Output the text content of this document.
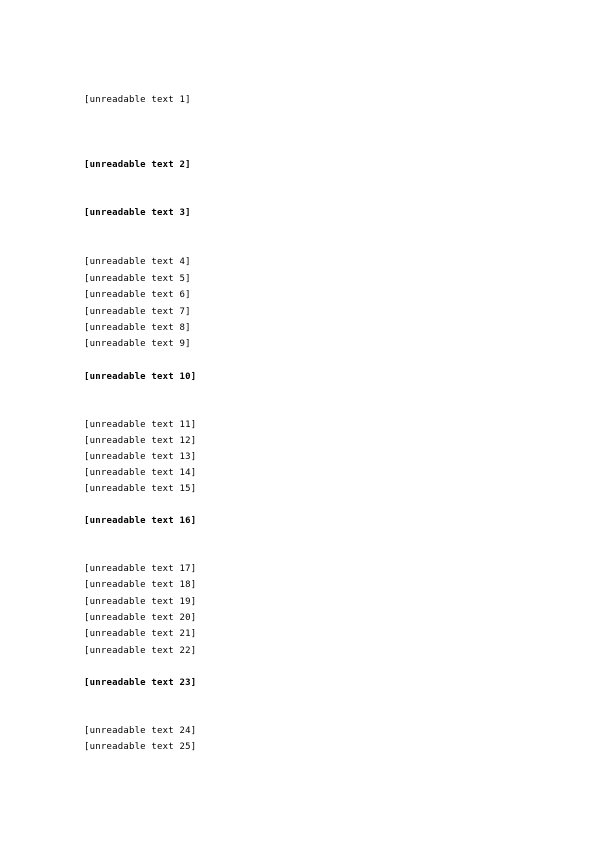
[unreadable text 1]

[unreadable text 2]

[unreadable text 3]

[unreadable text 4]

[unreadable text 5]

[unreadable text 6]

[unreadable text 7]

[unreadable text 8]

[unreadable text 9]

[unreadable text 10]

[unreadable text 11]

[unreadable text 12]

[unreadable text 13]

[unreadable text 14]

[unreadable text 15]

[unreadable text 16]

[unreadable text 17]

[unreadable text 18]

[unreadable text 19]

[unreadable text 20]

[unreadable text 21]

[unreadable text 22]

[unreadable text 23]

[unreadable text 24]

[unreadable text 25]
